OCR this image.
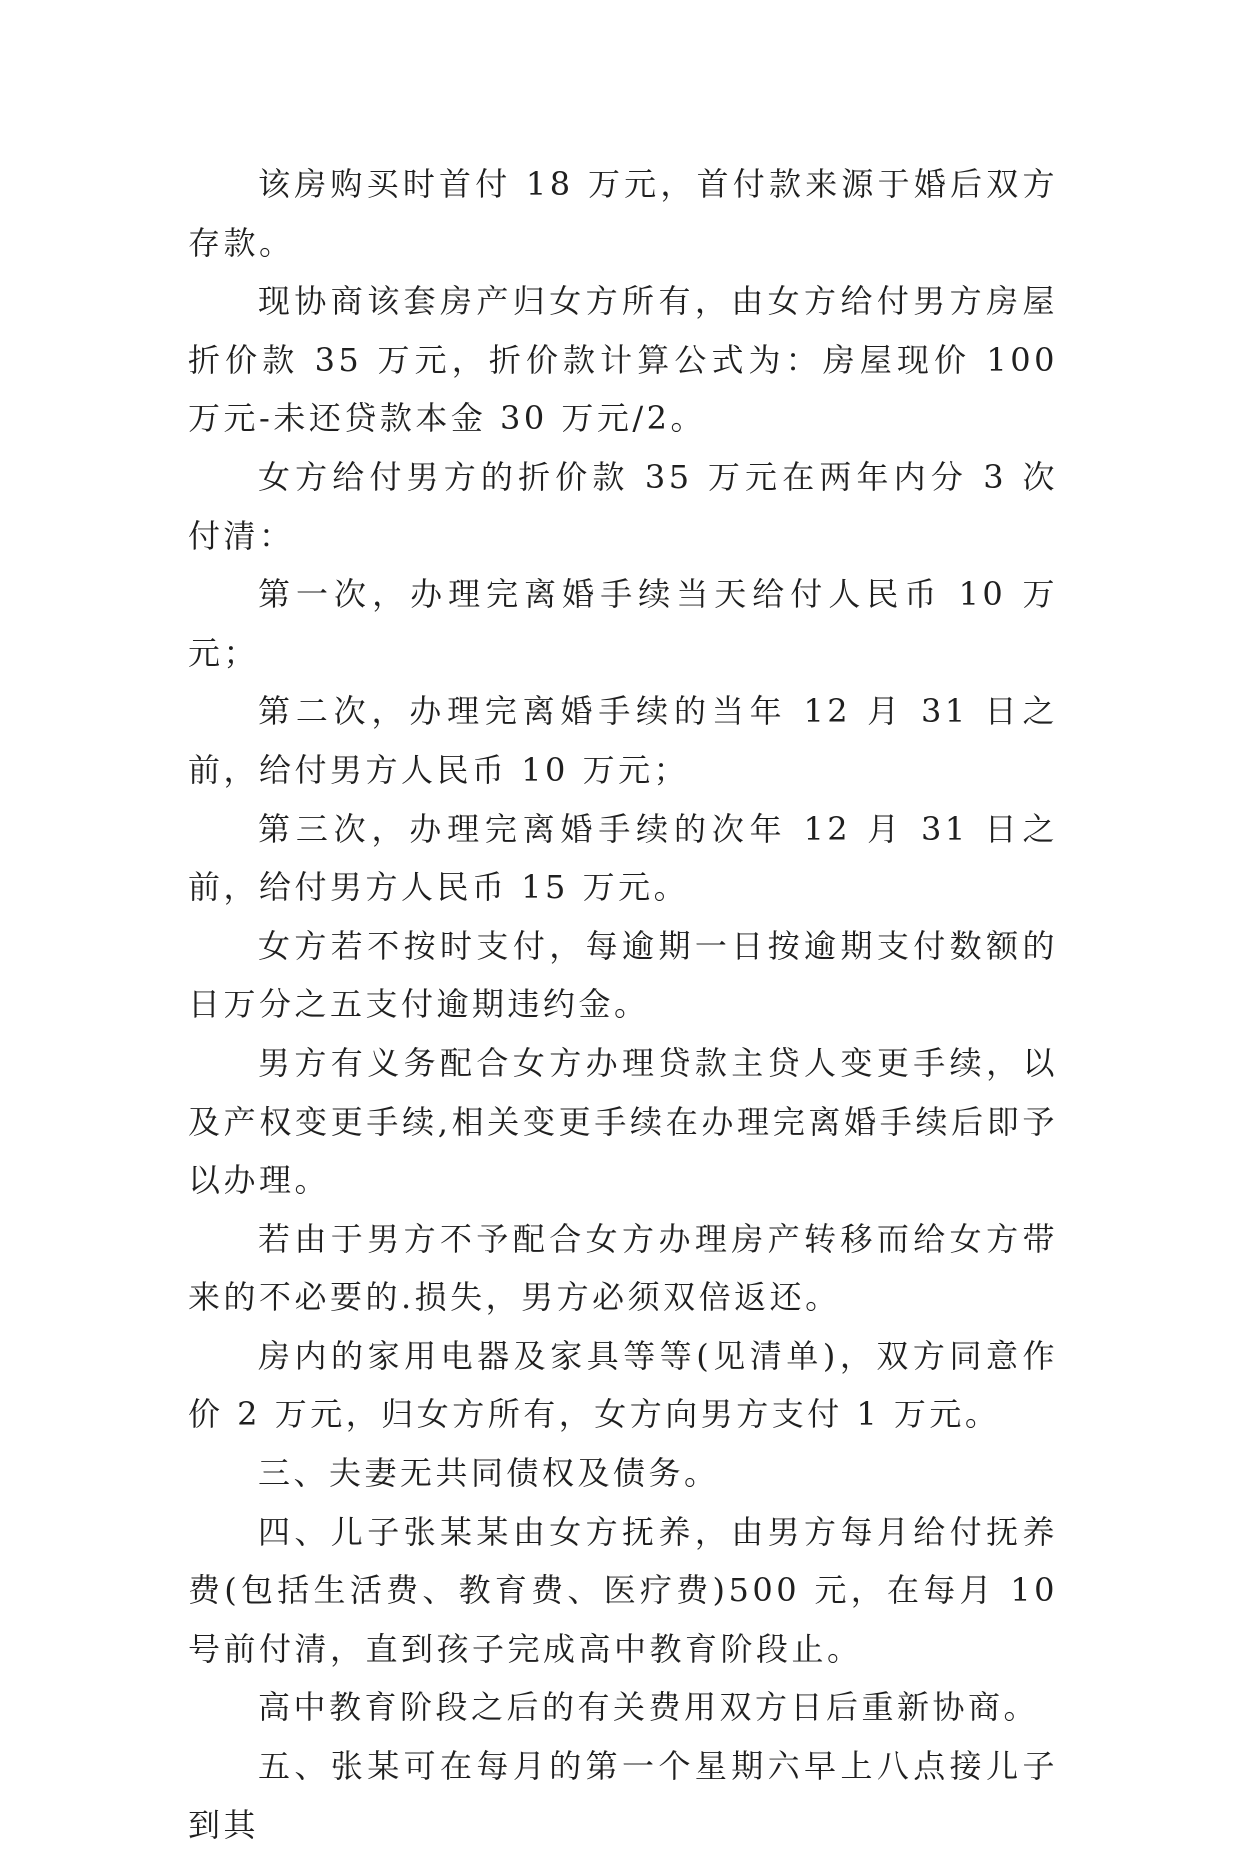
该房购买时首付 18 万元，首付款来源于婚后双方存款。

现协商该套房产归女方所有，由女方给付男方房屋折价款 35 万元，折价款计算公式为：房屋现价 100 万元-未还贷款本金 30 万元/2。

女方给付男方的折价款 35 万元在两年内分 3 次付清：

第一次，办理完离婚手续当天给付人民币 10 万元；

第二次，办理完离婚手续的当年 12 月 31 日之前，给付男方人民币 10 万元；

第三次，办理完离婚手续的次年 12 月 31 日之前，给付男方人民币 15 万元。

女方若不按时支付，每逾期一日按逾期支付数额的日万分之五支付逾期违约金。

男方有义务配合女方办理贷款主贷人变更手续，以及产权变更手续,相关变更手续在办理完离婚手续后即予以办理。

若由于男方不予配合女方办理房产转移而给女方带来的不必要的.损失，男方必须双倍返还。

房内的家用电器及家具等等(见清单)，双方同意作价 2 万元，归女方所有，女方向男方支付 1 万元。

三、夫妻无共同债权及债务。

四、儿子张某某由女方抚养，由男方每月给付抚养费(包括生活费、教育费、医疗费)500 元，在每月 10 号前付清，直到孩子完成高中教育阶段止。

高中教育阶段之后的有关费用双方日后重新协商。

五、张某可在每月的第一个星期六早上八点接儿子到其
